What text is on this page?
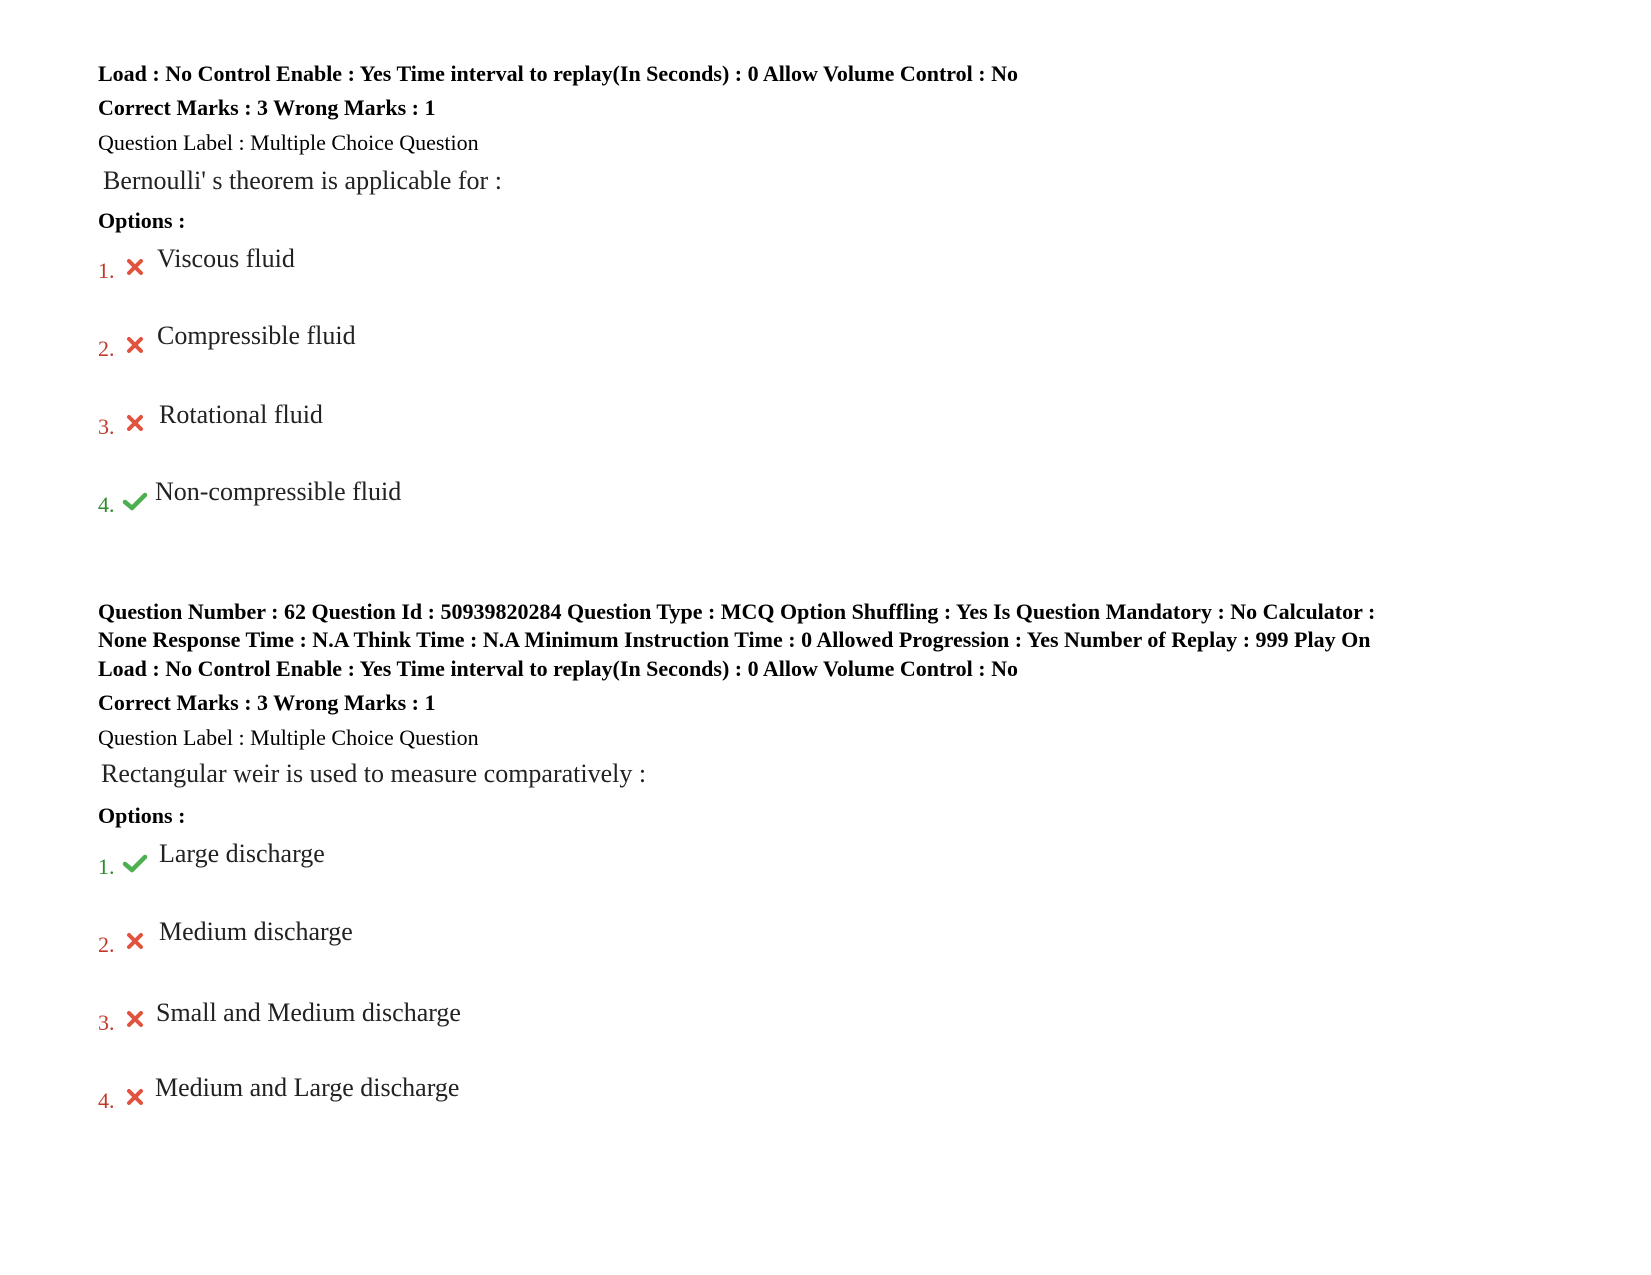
Load : No Control Enable : Yes Time interval to replay(In Seconds) : 0 Allow Volume Control : No
Correct Marks : 3 Wrong Marks : 1
Question Label : Multiple Choice Question
Bernoulli' s theorem is applicable for :
Options :
1. Viscous fluid
2. Compressible fluid
3. Rotational fluid
4. Non-compressible fluid
Question Number : 62 Question Id : 50939820284 Question Type : MCQ Option Shuffling : Yes Is Question Mandatory : No Calculator :
None Response Time : N.A Think Time : N.A Minimum Instruction Time : 0 Allowed Progression : Yes Number of Replay : 999 Play On
Load : No Control Enable : Yes Time interval to replay(In Seconds) : 0 Allow Volume Control : No
Correct Marks : 3 Wrong Marks : 1
Question Label : Multiple Choice Question
Rectangular weir is used to measure comparatively :
Options :
1. Large discharge
2. Medium discharge
3. Small and Medium discharge
4. Medium and Large discharge
